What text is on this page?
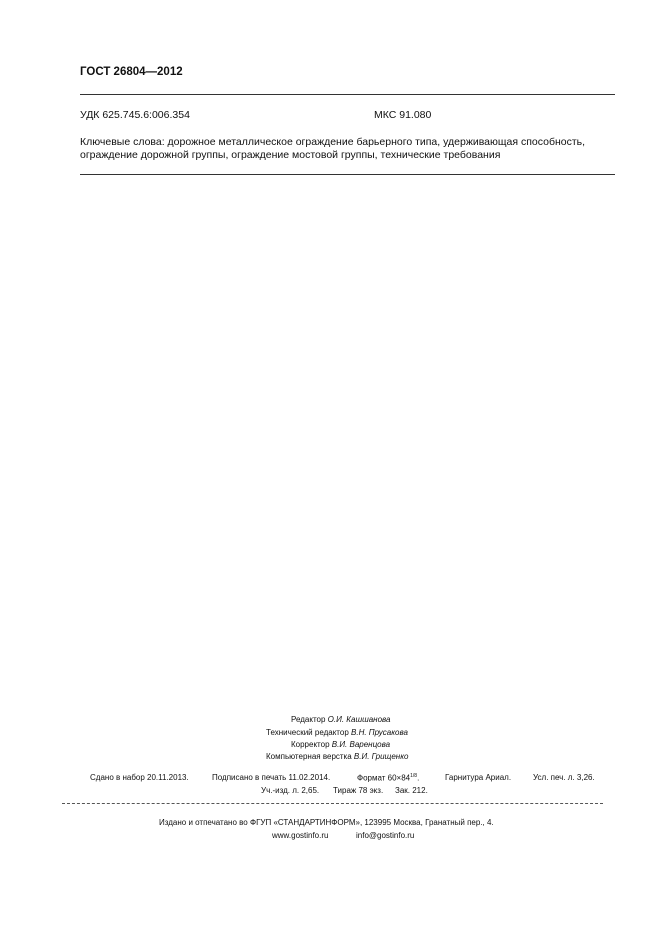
ГОСТ 26804—2012
УДК 625.745.6:006.354	МКС 91.080
Ключевые слова: дорожное металлическое ограждение барьерного типа, удерживающая способность,
ограждение дорожной группы, ограждение мостовой группы, технические требования
Редактор О.И. Кашшанова
Технический редактор В.Н. Прусакова
Корректор В.И. Варенцова
Компьютерная верстка В.И. Грищенко
Сдано в набор 20.11.2013.	Подписано в печать 11.02.2014.	Формат $60\times 84^{1/8}$.	Гарнитура Ариал.	Усл. печ. л. 3,26.
Уч.-изд. л. 2,65. Тираж 78 экз. Зак. 212.
Издано и отпечатано во ФГУП «СТАНДАРТИНФОРМ», 123995 Москва, Гранатный пер., 4.
www.gostinfo.ru	info@gostinfo.ru
